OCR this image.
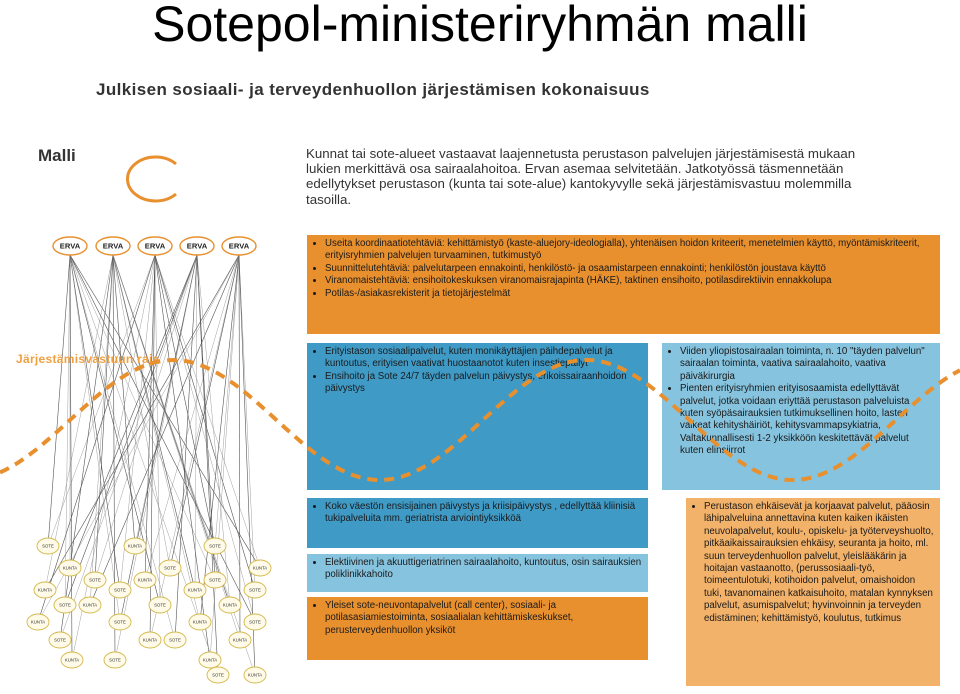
Sotepol-ministeriryhmän malli
Julkisen sosiaali- ja terveydenhuollon järjestämisen kokonaisuus
Malli	C	Kunnat tai sote-alueet vastaavat laajennetusta perustason palvelujen järjestämisestä mukaan lukien merkittävä osa sairaalahoitoa. Ervan asemaa selvitetään. Jatkotyössä täsmennetään edellytykset perustason (kunta tai sote-alue) kantokyvylle sekä järjestämisvastuu molemmilla tasoilla.
• Useita koordinaatiotehtäviä: kehittämistyö (kaste-aluejory-ideologialla), yhtenäisen hoidon kriteerit, menetelmien käyttö, myöntämiskriteerit, erityisryhmien palvelujen turvaaminen, tutkimustyö
• Suunnittelutehtäviä: palvelutarpeen ennakointi, henkilöstö- ja osaamistarpeen ennakointi; henkilöstön joustava käyttö
• Viranomaistehtäviä: ensihoitokeskuksen viranomaisrajapinta (HÄKE), taktinen ensihoito, potilasdirektiivin ennakkolupa
• Potilas-/asiakasrekisterit ja tietojärjestelmät
• Erityistason sosiaalipalvelut, kuten monikäyttäjien päihdepalvelut ja kuntoutus, erityisen vaativat huostaanotot kuten insestiepäilyt
• Ensihoito ja Sote 24/7 täyden palvelun päivystys, erikoissairaanhoidon päivystys
• Viiden yliopistosairaalan toiminta, n. 10 "täyden palvelun" sairaalan toiminta, vaativa sairaalahoito, vaativa päiväkirurgia
• Pienten erityisryhmien erityisosaamista edellyttävät palvelut, jotka voidaan eriyttää perustason palveluista kuten syöpäsairauksien tutkimuksellinen hoito, lasten vaikeat kehityshäiriöt, kehitysvammapsykiatria, Valtakunnallisesti 1-2 yksikköön keskitettävät palvelut kuten elinsiirrot
• Koko väestön ensisijainen päivystys ja kriisipäivystys , edellyttää kliinisiä tukipalveluita mm. geriatrista arviointiyksikköä
• Elektiivinen ja akuuttigeriatrinen sairaalahoito, kuntoutus, osin sairauksien poliklinikkahoito
• Yleiset sote-neuvontapalvelut (call center), sosiaali- ja potilasasiamiestoiminta, sosiaalialan kehittämiskeskukset, perusterveydenhuollon yksiköt
• Perustason ehkäisevät ja korjaavat palvelut, pääosin lähipalveluina annettavina kuten kaiken ikäisten neuvolapalvelut, koulu-, opiskelu- ja työterveyshuolto, pitkäaikaissairauksien ehkäisy, seuranta ja hoito, ml. suun terveydenhuollon palvelut, yleislääkärin ja hoitajan vastaanotto, (perussosiaali-työ, toimeentulotuki, kotihoidon palvelut, omaishoidon tuki, tavanomainen katkaisuhoito, matalan kynnyksen palvelut, asumispalvelut; hyvinvoinnin ja terveyden edistäminen; kehittämistyö, koulutus, tutkimus
ERVA	ERVA	ERVA	ERVA	ERVA
SOTE	KUNTA	SOTE
KUNTA	SOTE	KUNTA
SOTE	KUNTA	SOTE
KUNTA	SOTE	KUNTA	SOTE
SOTE	KUNTA	SOTE	KUNTA
KUNTA	SOTE	KUNTA	SOTE
SOTE	KUNTA	SOTE	KUNTA
KUNTA	SOTE	KUNTA
SOTE	KUNTA
Järjestämisvastuun raja
